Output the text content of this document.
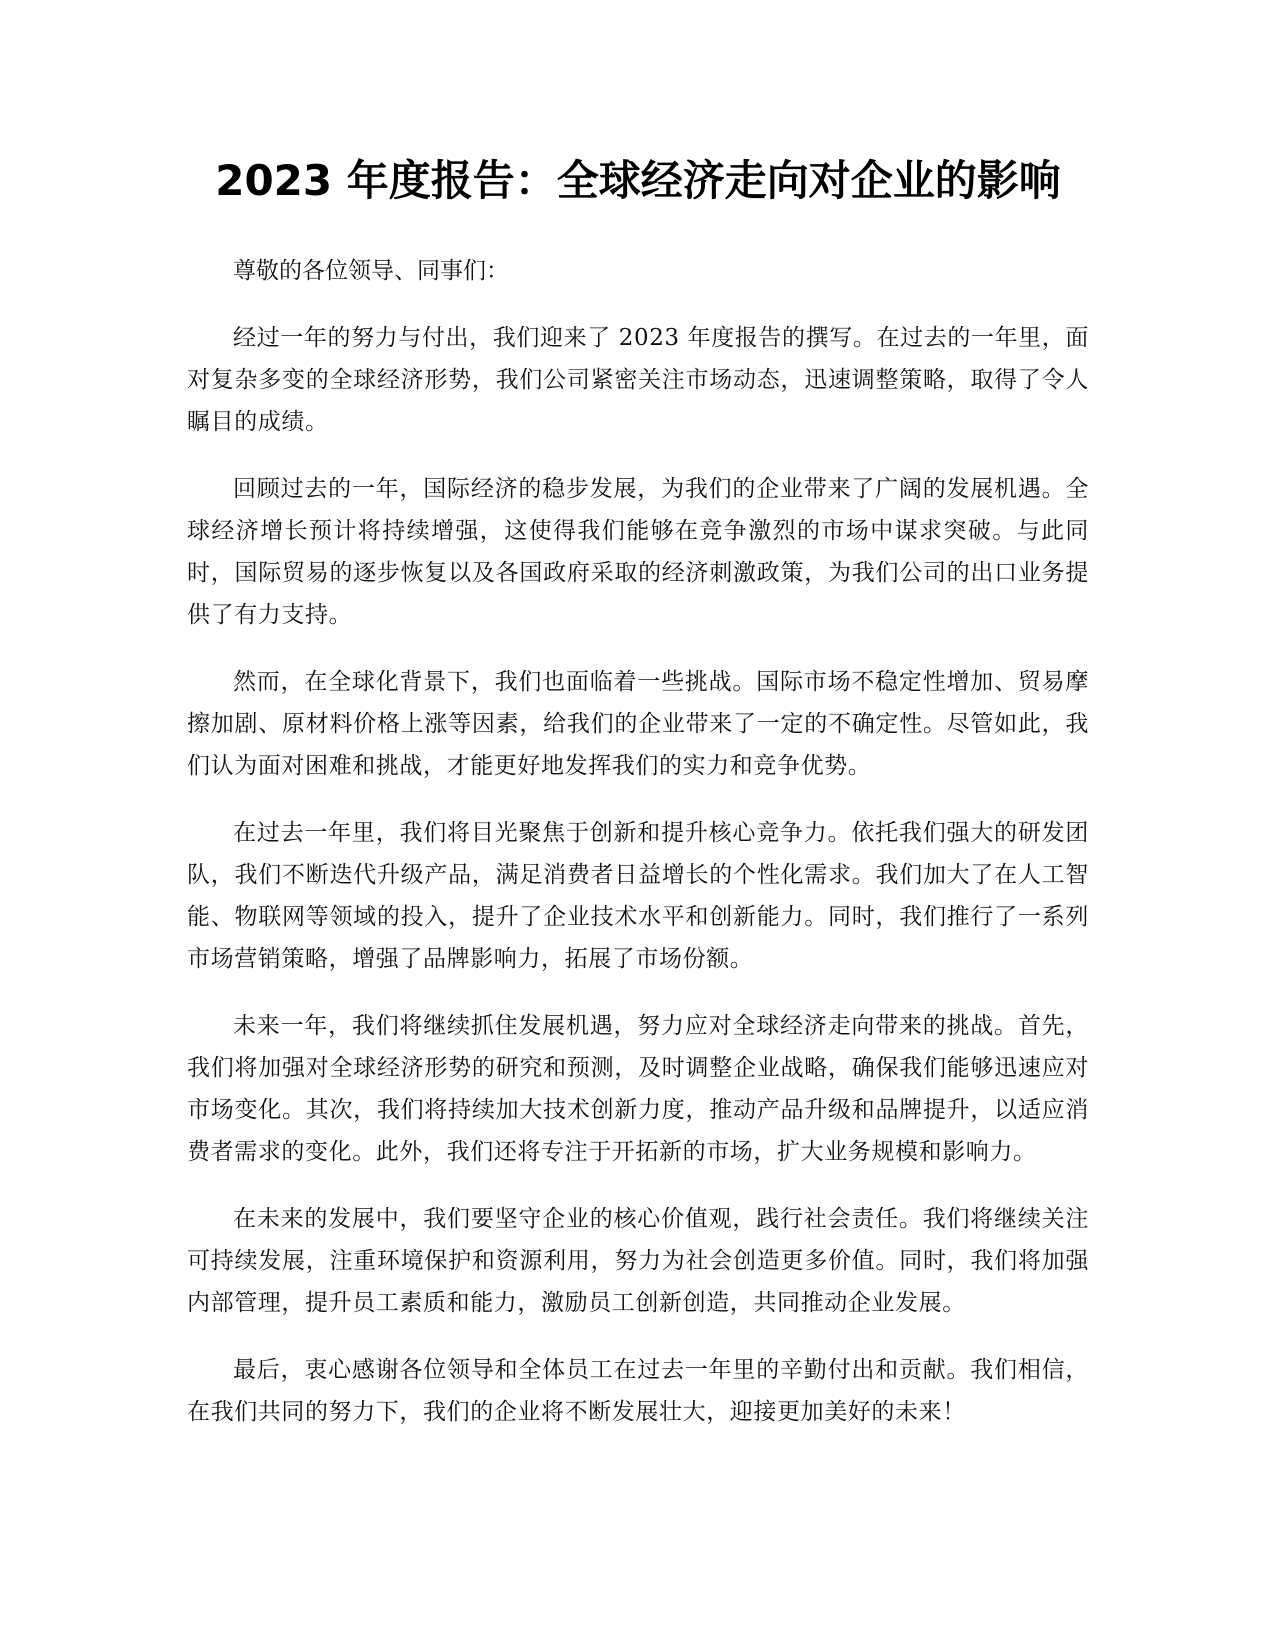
2023 年度报告：全球经济走向对企业的影响

尊敬的各位领导、同事们：

经过一年的努力与付出，我们迎来了 2023 年度报告的撰写。在过去的一年里，面对复杂多变的全球经济形势，我们公司紧密关注市场动态，迅速调整策略，取得了令人瞩目的成绩。

回顾过去的一年，国际经济的稳步发展，为我们的企业带来了广阔的发展机遇。全球经济增长预计将持续增强，这使得我们能够在竞争激烈的市场中谋求突破。与此同时，国际贸易的逐步恢复以及各国政府采取的经济刺激政策，为我们公司的出口业务提供了有力支持。

然而，在全球化背景下，我们也面临着一些挑战。国际市场不稳定性增加、贸易摩擦加剧、原材料价格上涨等因素，给我们的企业带来了一定的不确定性。尽管如此，我们认为面对困难和挑战，才能更好地发挥我们的实力和竞争优势。

在过去一年里，我们将目光聚焦于创新和提升核心竞争力。依托我们强大的研发团队，我们不断迭代升级产品，满足消费者日益增长的个性化需求。我们加大了在人工智能、物联网等领域的投入，提升了企业技术水平和创新能力。同时，我们推行了一系列市场营销策略，增强了品牌影响力，拓展了市场份额。

未来一年，我们将继续抓住发展机遇，努力应对全球经济走向带来的挑战。首先，我们将加强对全球经济形势的研究和预测，及时调整企业战略，确保我们能够迅速应对市场变化。其次，我们将持续加大技术创新力度，推动产品升级和品牌提升，以适应消费者需求的变化。此外，我们还将专注于开拓新的市场，扩大业务规模和影响力。

在未来的发展中，我们要坚守企业的核心价值观，践行社会责任。我们将继续关注可持续发展，注重环境保护和资源利用，努力为社会创造更多价值。同时，我们将加强内部管理，提升员工素质和能力，激励员工创新创造，共同推动企业发展。

最后，衷心感谢各位领导和全体员工在过去一年里的辛勤付出和贡献。我们相信，在我们共同的努力下，我们的企业将不断发展壮大，迎接更加美好的未来！
